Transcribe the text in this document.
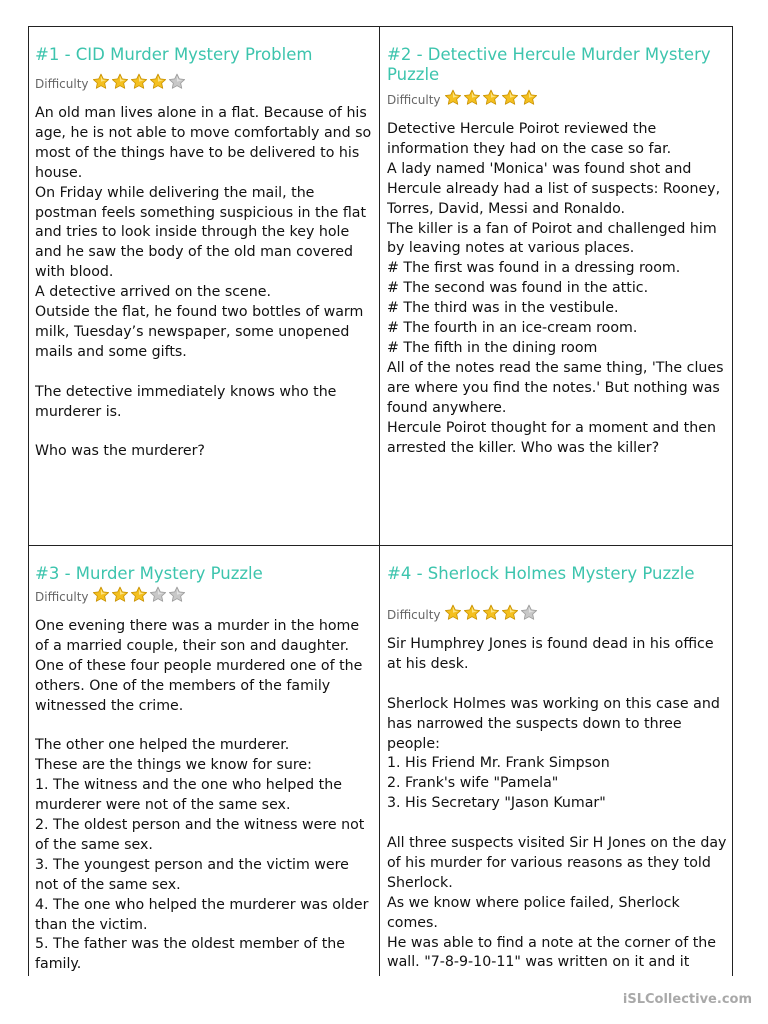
#1 - CID Murder Mystery Problem
Difficulty

An old man lives alone in a flat. Because of his age, he is not able to move comfortably and so most of the things have to be delivered to his house.

On Friday while delivering the mail, the postman feels something suspicious in the flat and tries to look inside through the key hole and he saw the body of the old man covered with blood.

A detective arrived on the scene.

Outside the flat, he found two bottles of warm milk, Tuesday’s newspaper, some unopened mails and some gifts.

The detective immediately knows who the murderer is.

Who was the murderer?

#2 - Detective Hercule Murder Mystery Puzzle
Difficulty

Detective Hercule Poirot reviewed the information they had on the case so far.

A lady named 'Monica' was found shot and Hercule already had a list of suspects: Rooney, Torres, David, Messi and Ronaldo.

The killer is a fan of Poirot and challenged him by leaving notes at various places.

# The first was found in a dressing room.

# The second was found in the attic.

# The third was in the vestibule.

# The fourth in an ice-cream room.

# The fifth in the dining room

All of the notes read the same thing, 'The clues are where you find the notes.' But nothing was found anywhere.

Hercule Poirot thought for a moment and then arrested the killer. Who was the killer?

#3 - Murder Mystery Puzzle
Difficulty

One evening there was a murder in the home of a married couple, their son and daughter. One of these four people murdered one of the others. One of the members of the family witnessed the crime.

The other one helped the murderer.

These are the things we know for sure:

1. The witness and the one who helped the murderer were not of the same sex.

2. The oldest person and the witness were not of the same sex.

3. The youngest person and the victim were not of the same sex.

4. The one who helped the murderer was older than the victim.

5. The father was the oldest member of the family.

#4 - Sherlock Holmes Mystery Puzzle
Difficulty

Sir Humphrey Jones is found dead in his office at his desk.

Sherlock Holmes was working on this case and has narrowed the suspects down to three people:

1. His Friend Mr. Frank Simpson

2. Frank's wife "Pamela"

3. His Secretary "Jason Kumar"

All three suspects visited Sir H Jones on the day of his murder for various reasons as they told Sherlock.

As we know where police failed, Sherlock comes.

He was able to find a note at the corner of the wall. "7-8-9-10-11" was written on it and it

iSLCollective.com
